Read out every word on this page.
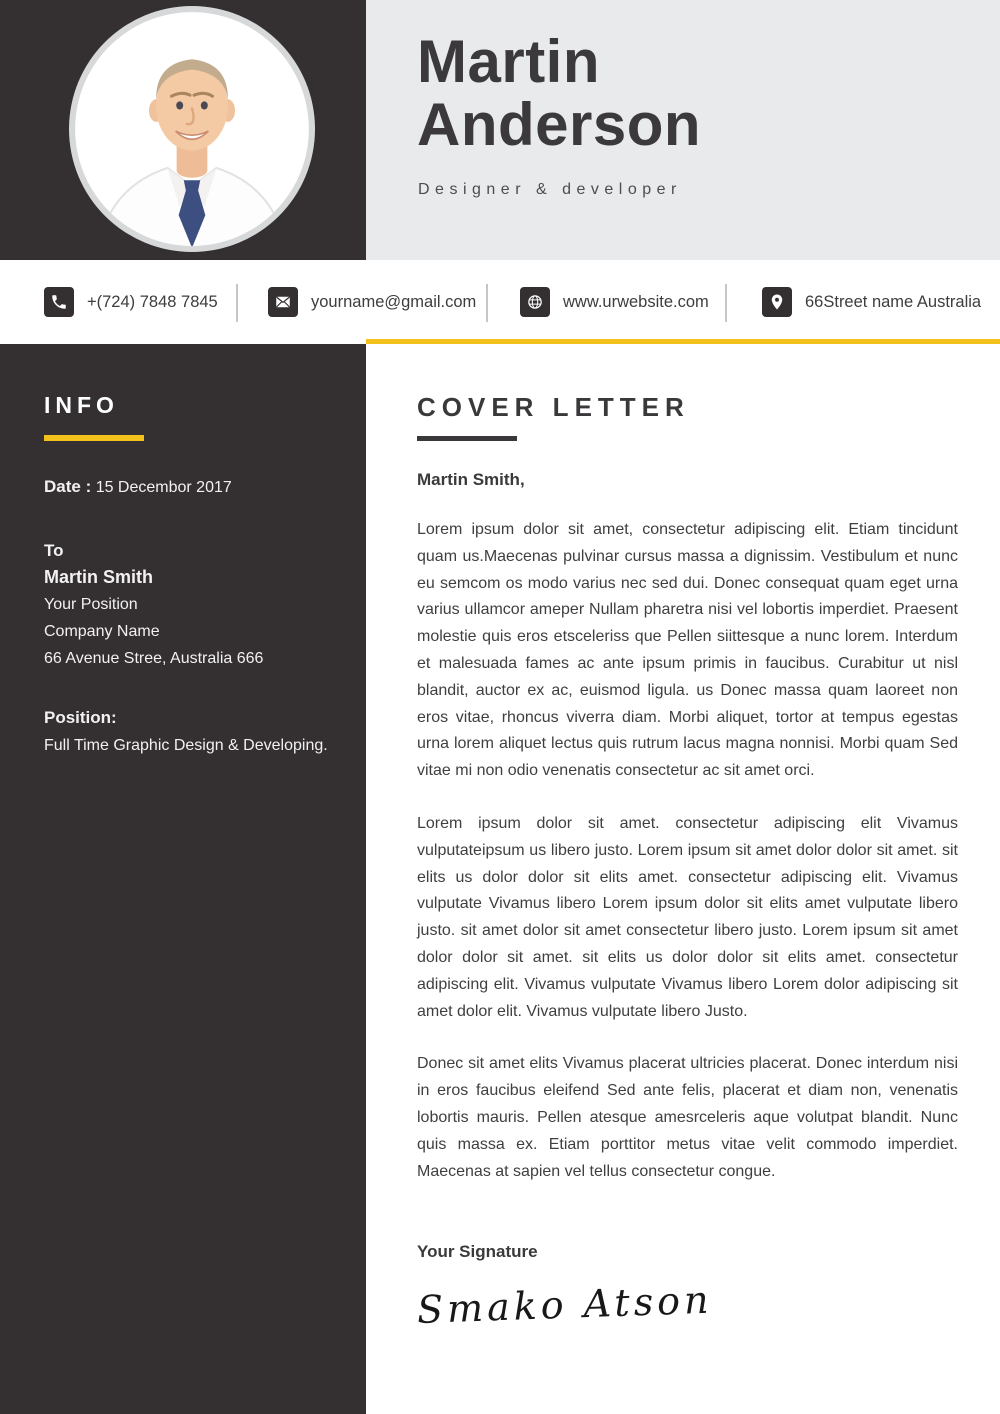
Martin
Anderson
Designer & developer
+(724) 7848 7845	yourname@gmail.com	www.urwebsite.com	66Street name Australia
INFO
Date : 15 Decembor 2017
To
Martin Smith
Your Position
Company Name
66 Avenue Stree, Australia 666
Position:
Full Time Graphic Design & Developing.
COVER LETTER

Martin Smith,

Lorem ipsum dolor sit amet, consectetur adipiscing elit. Etiam tincidunt quam us.Maecenas pulvinar cursus massa a dignissim. Vestibulum et nunc eu semcom os modo varius nec sed dui. Donec consequat quam eget urna varius ullamcor ameper Nullam pharetra nisi vel lobortis imperdiet. Praesent molestie quis eros etsceleriss que Pellen siittesque a nunc lorem. Interdum et malesuada fames ac ante ipsum primis in faucibus. Curabitur ut nisl blandit, auctor ex ac, euismod ligula. us Donec massa quam laoreet non eros vitae, rhoncus viverra diam. Morbi aliquet, tortor at tempus egestas urna lorem aliquet lectus quis rutrum lacus magna nonnisi. Morbi quam Sed vitae mi non odio venenatis consectetur ac sit amet orci.

Lorem ipsum dolor sit amet. consectetur adipiscing elit Vivamus vulputateipsum us libero justo. Lorem ipsum sit amet dolor dolor sit amet. sit elits us dolor dolor sit elits amet. consectetur adipiscing elit. Vivamus vulputate Vivamus libero Lorem ipsum dolor sit elits amet vulputate libero justo. sit amet dolor sit amet consectetur libero justo. Lorem ipsum sit amet dolor dolor sit amet. sit elits us dolor dolor sit elits amet. consectetur adipiscing elit. Vivamus vulputate Vivamus libero Lorem dolor adipiscing sit amet dolor elit. Vivamus vulputate libero Justo.

Donec sit amet elits Vivamus placerat ultricies placerat. Donec interdum nisi in eros faucibus eleifend Sed ante felis, placerat et diam non, venenatis lobortis mauris. Pellen atesque amesrceleris aque volutpat blandit. Nunc quis massa ex. Etiam porttitor metus vitae velit commodo imperdiet. Maecenas at sapien vel tellus consectetur congue.

Your Signature
Smako Atson
